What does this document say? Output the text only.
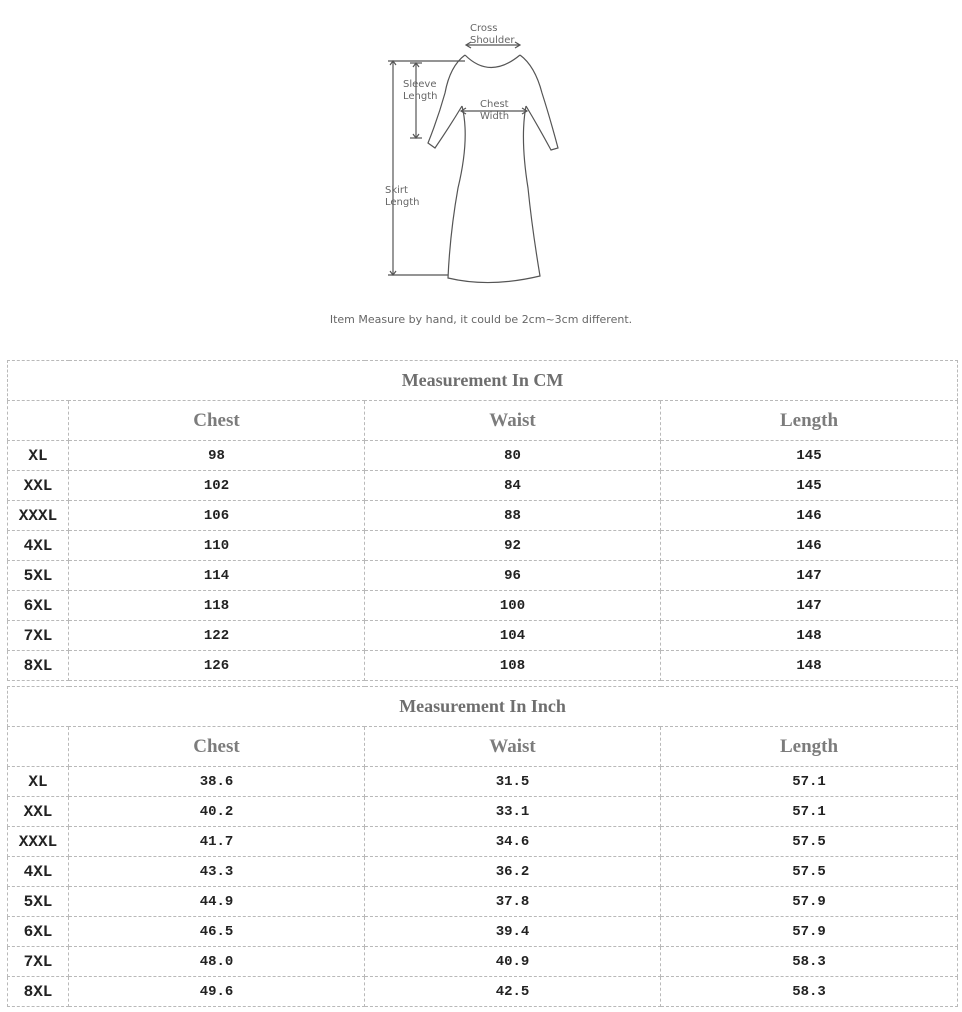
Cross
Shoulder
Sleeve
Length
Chest
Width
Skirt
Length
Item Measure by hand, it could be 2cm~3cm different.
Measurement In CM			
	Chest	Waist	Length
XL	98	80	145
XXL	102	84	145
XXXL	106	88	146
4XL	110	92	146
5XL	114	96	147
6XL	118	100	147
7XL	122	104	148
8XL	126	108	148
Measurement In Inch			
	Chest	Waist	Length
XL	38.6	31.5	57.1
XXL	40.2	33.1	57.1
XXXL	41.7	34.6	57.5
4XL	43.3	36.2	57.5
5XL	44.9	37.8	57.9
6XL	46.5	39.4	57.9
7XL	48.0	40.9	58.3
8XL	49.6	42.5	58.3
